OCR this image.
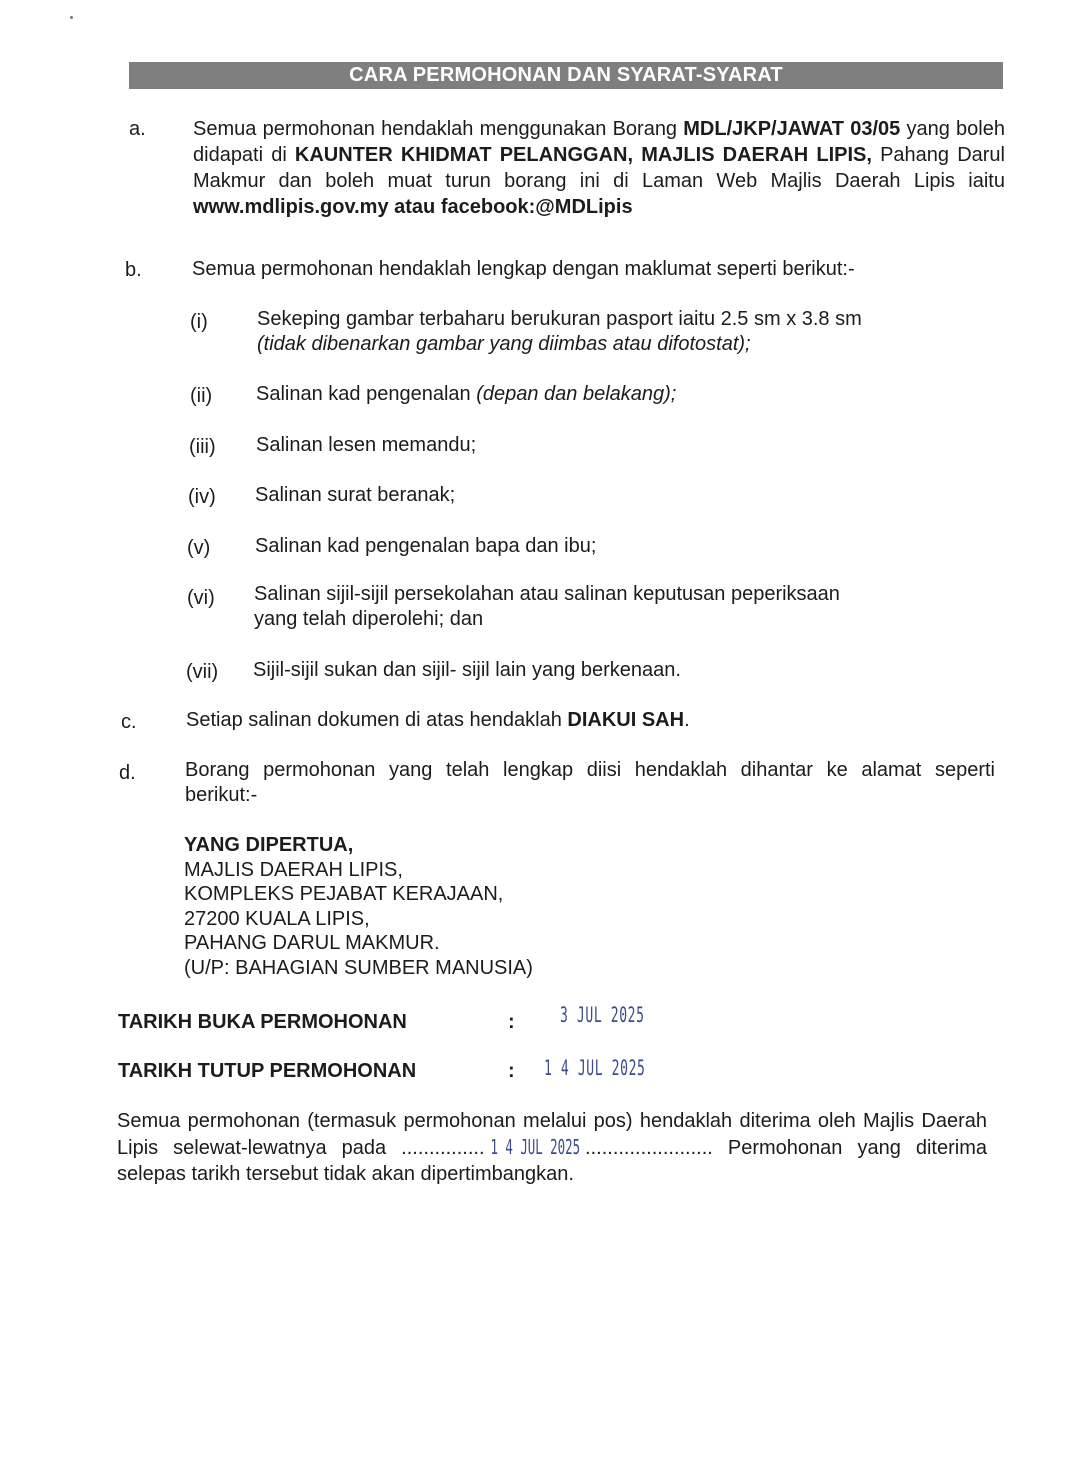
CARA PERMOHONAN DAN SYARAT-SYARAT
a. Semua permohonan hendaklah menggunakan Borang MDL/JKP/JAWAT 03/05 yang boleh didapati di KAUNTER KHIDMAT PELANGGAN, MAJLIS DAERAH LIPIS, Pahang Darul Makmur dan boleh muat turun borang ini di Laman Web Majlis Daerah Lipis iaitu www.mdlipis.gov.my atau facebook:@MDLipis
b.	Semua permohonan hendaklah lengkap dengan maklumat seperti berikut:-
(i) Sekeping gambar terbaharu berukuran pasport iaitu 2.5 sm x 3.8 sm
(tidak dibenarkan gambar yang diimbas atau difotostat);
(ii) Salinan kad pengenalan (depan dan belakang);
(iii) Salinan lesen memandu;
(iv) Salinan surat beranak;
(v) Salinan kad pengenalan bapa dan ibu;
(vi) Salinan sijil-sijil persekolahan atau salinan keputusan peperiksaan
yang telah diperolehi; dan
(vii) Sijil-sijil sukan dan sijil- sijil lain yang berkenaan.
c. Setiap salinan dokumen di atas hendaklah DIAKUI SAH.
d. Borang permohonan yang telah lengkap diisi hendaklah dihantar ke alamat seperti
berikut:-
YANG DIPERTUA,
MAJLIS DAERAH LIPIS,
KOMPLEKS PEJABAT KERAJAAN,
27200 KUALA LIPIS,
PAHANG DARUL MAKMUR.
(U/P: BAHAGIAN SUMBER MANUSIA)
TARIKH BUKA PERMOHONAN	: 3 JUL 2025
TARIKH TUTUP PERMOHONAN	: 1 4 JUL 2025
Semua permohonan (termasuk permohonan melalui pos) hendaklah diterima oleh Majlis Daerah Lipis selewat-lewatnya pada ............... 1 4 JUL 2025 ....................... Permohonan yang diterima selepas tarikh tersebut tidak akan dipertimbangkan.
